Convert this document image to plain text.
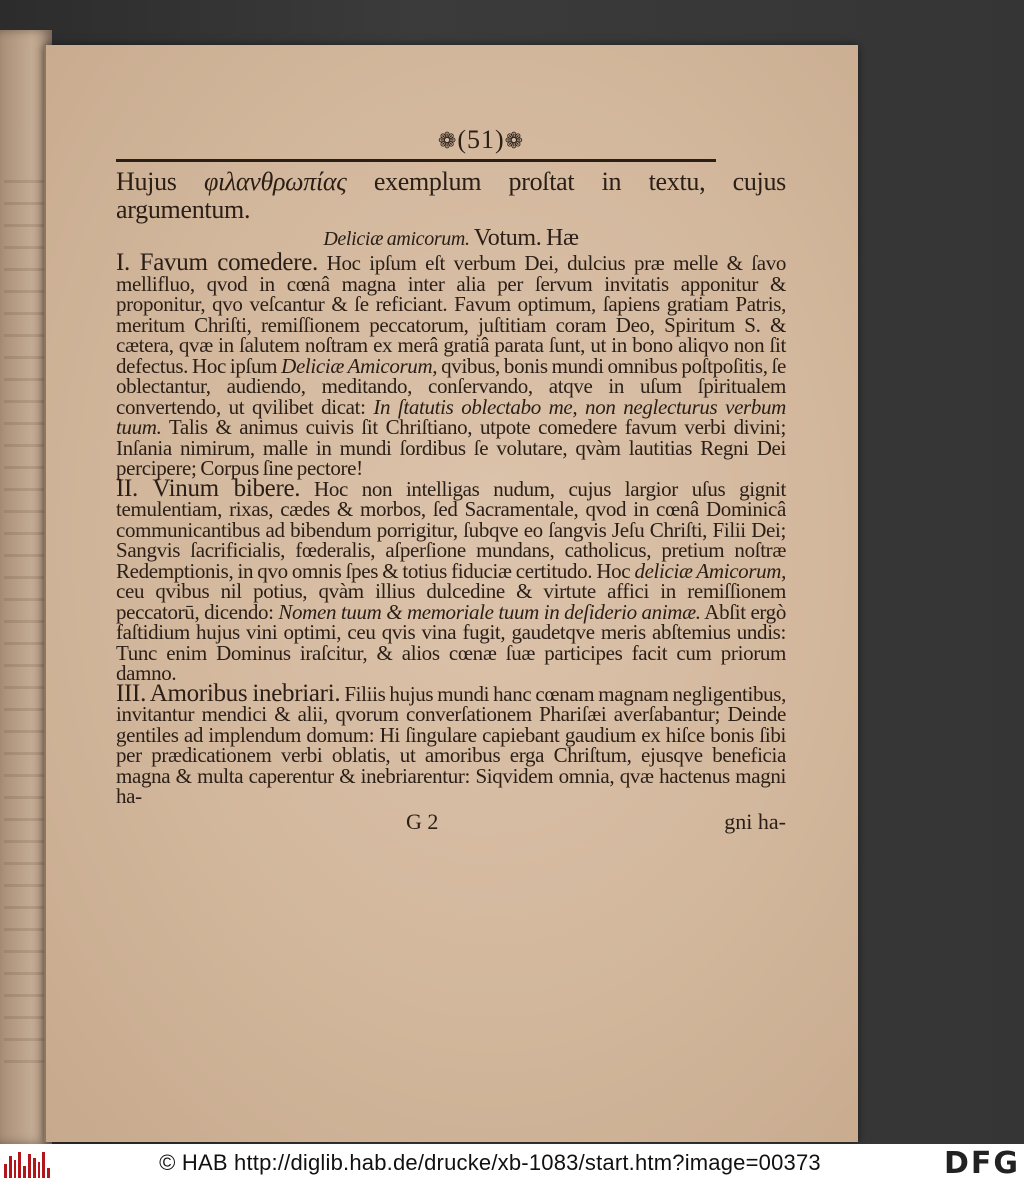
❁(51)❁

Hujus φιλανθρωπίας exemplum proſtat in textu, cujus argumentum.

Deliciæ amicorum. Votum. Hæ

I. Favum comedere. Hoc ipſum eſt verbum Dei, dulcius præ melle & ſavo mellifluo, qvod in cœnâ magna inter alia per ſervum invitatis apponitur & proponitur, qvo veſcantur & ſe reficiant. Favum optimum, ſapiens gratiam Patris, meritum Chriſti, remiſſionem peccatorum, juſtitiam coram Deo, Spiritum S. & cætera, qvæ in ſalutem noſtram ex merâ gratiâ parata ſunt, ut in bono aliqvo non ſit defectus. Hoc ipſum Deliciæ Amicorum, qvibus, bonis mundi omnibus poſtpoſitis, ſe oblectantur, audiendo, meditando, conſervando, atqve in uſum ſpiritualem convertendo, ut qvilibet dicat: In ſtatutis oblectabo me, non neglecturus verbum tuum. Talis & animus cuivis ſit Chriſtiano, utpote comedere favum verbi divini; Inſania nimirum, malle in mundi ſordibus ſe volutare, qvàm lautitias Regni Dei percipere; Corpus ſine pectore!

II. Vinum bibere. Hoc non intelligas nudum, cujus largior uſus gignit temulentiam, rixas, cædes & morbos, ſed Sacramentale, qvod in cœnâ Dominicâ communicantibus ad bibendum porrigitur, ſubqve eo ſangvis Jeſu Chriſti, Filii Dei; Sangvis ſacrificialis, fœderalis, aſperſione mundans, catholicus, pretium noſtræ Redemptionis, in qvo omnis ſpes & totius fiduciæ certitudo. Hoc deliciæ Amicorum, ceu qvibus nil potius, qvàm illius dulcedine & virtute affici in remiſſionem peccatorū, dicendo: Nomen tuum & memoriale tuum in deſiderio animæ. Abſit ergò faſtidium hujus vini optimi, ceu qvis vina fugit, gaudetqve meris abſtemius undis: Tunc enim Dominus iraſcitur, & alios cœnæ ſuæ participes facit cum priorum damno.

III. Amoribus inebriari. Filiis hujus mundi hanc cœnam magnam negligentibus, invitantur mendici & alii, qvorum converſationem Phariſæi averſabantur; Deinde gentiles ad implendum domum: Hi ſingulare capiebant gaudium ex hiſce bonis ſibi per prædicationem verbi oblatis, ut amoribus erga Chriſtum, ejusqve beneficia magna & multa caperentur & inebriarentur: Siqvidem omnia, qvæ hactenus magni ha-

G 2	gni ha-
© HAB http://diglib.hab.de/drucke/xb-1083/start.htm?image=00373	DFG
